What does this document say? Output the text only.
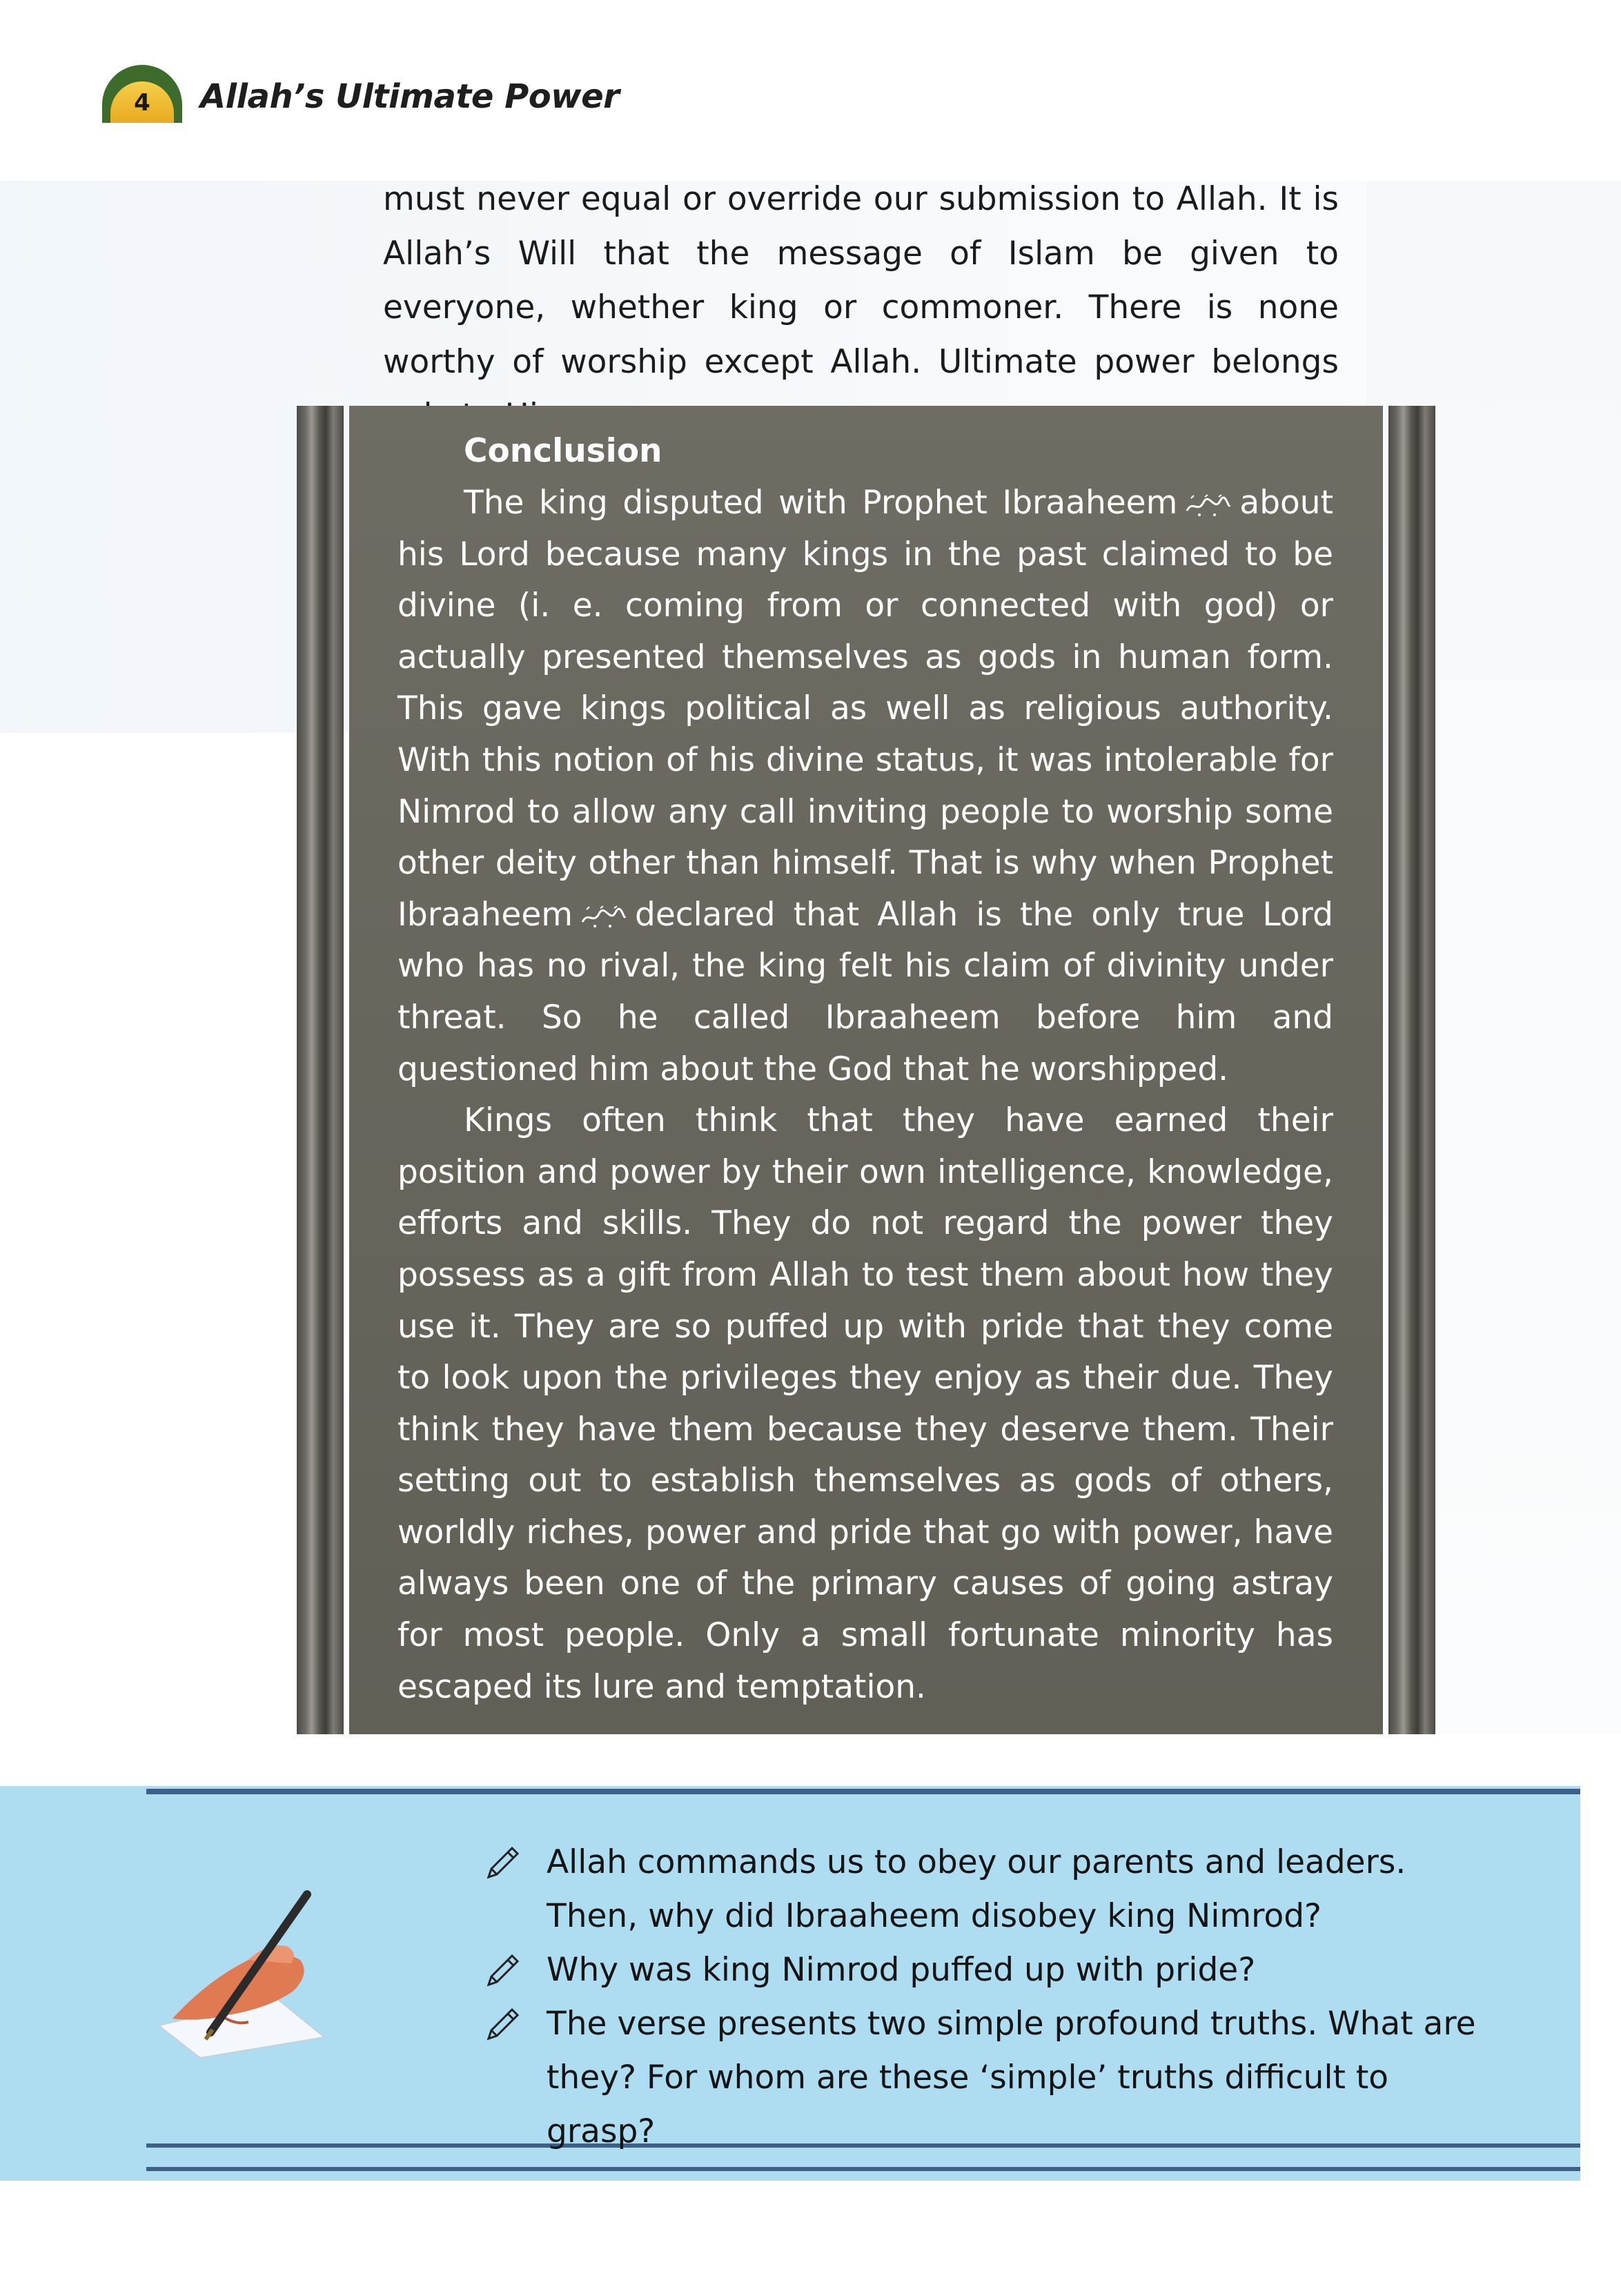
4	Allah’s Ultimate Power

must never equal or override our submission to Allah. It is Allah’s Will that the message of Islam be given to everyone, whether king or commoner. There is none worthy of worship except Allah. Ultimate power belongs

Conclusion

The king disputed with Prophet Ibraaheem about his Lord because many kings in the past claimed to be divine (i. e. coming from or connected with god) or actually presented themselves as gods in human form. This gave kings political as well as religious authority. With this notion of his divine status, it was intolerable for Nimrod to allow any call inviting people to worship some other deity other than himself. That is why when Prophet Ibraaheem declared that Allah is the only true Lord who has no rival, the king felt his claim of divinity under threat. So he called Ibraaheem before him and questioned him about the God that he worshipped.

Kings often think that they have earned their position and power by their own intelligence, knowledge, efforts and skills. They do not regard the power they possess as a gift from Allah to test them about how they use it. They are so puffed up with pride that they come to look upon the privileges they enjoy as their due. They think they have them because they deserve them. Their setting out to establish themselves as gods of others, worldly riches, power and pride that go with power, have always been one of the primary causes of going astray for most people. Only a small fortunate minority has escaped its lure and temptation.

Allah commands us to obey our parents and leaders. Then, why did Ibraaheem disobey king Nimrod?
Why was king Nimrod puffed up with pride?
The verse presents two simple profound truths. What are they? For whom are these ‘simple’ truths difficult to grasp?
